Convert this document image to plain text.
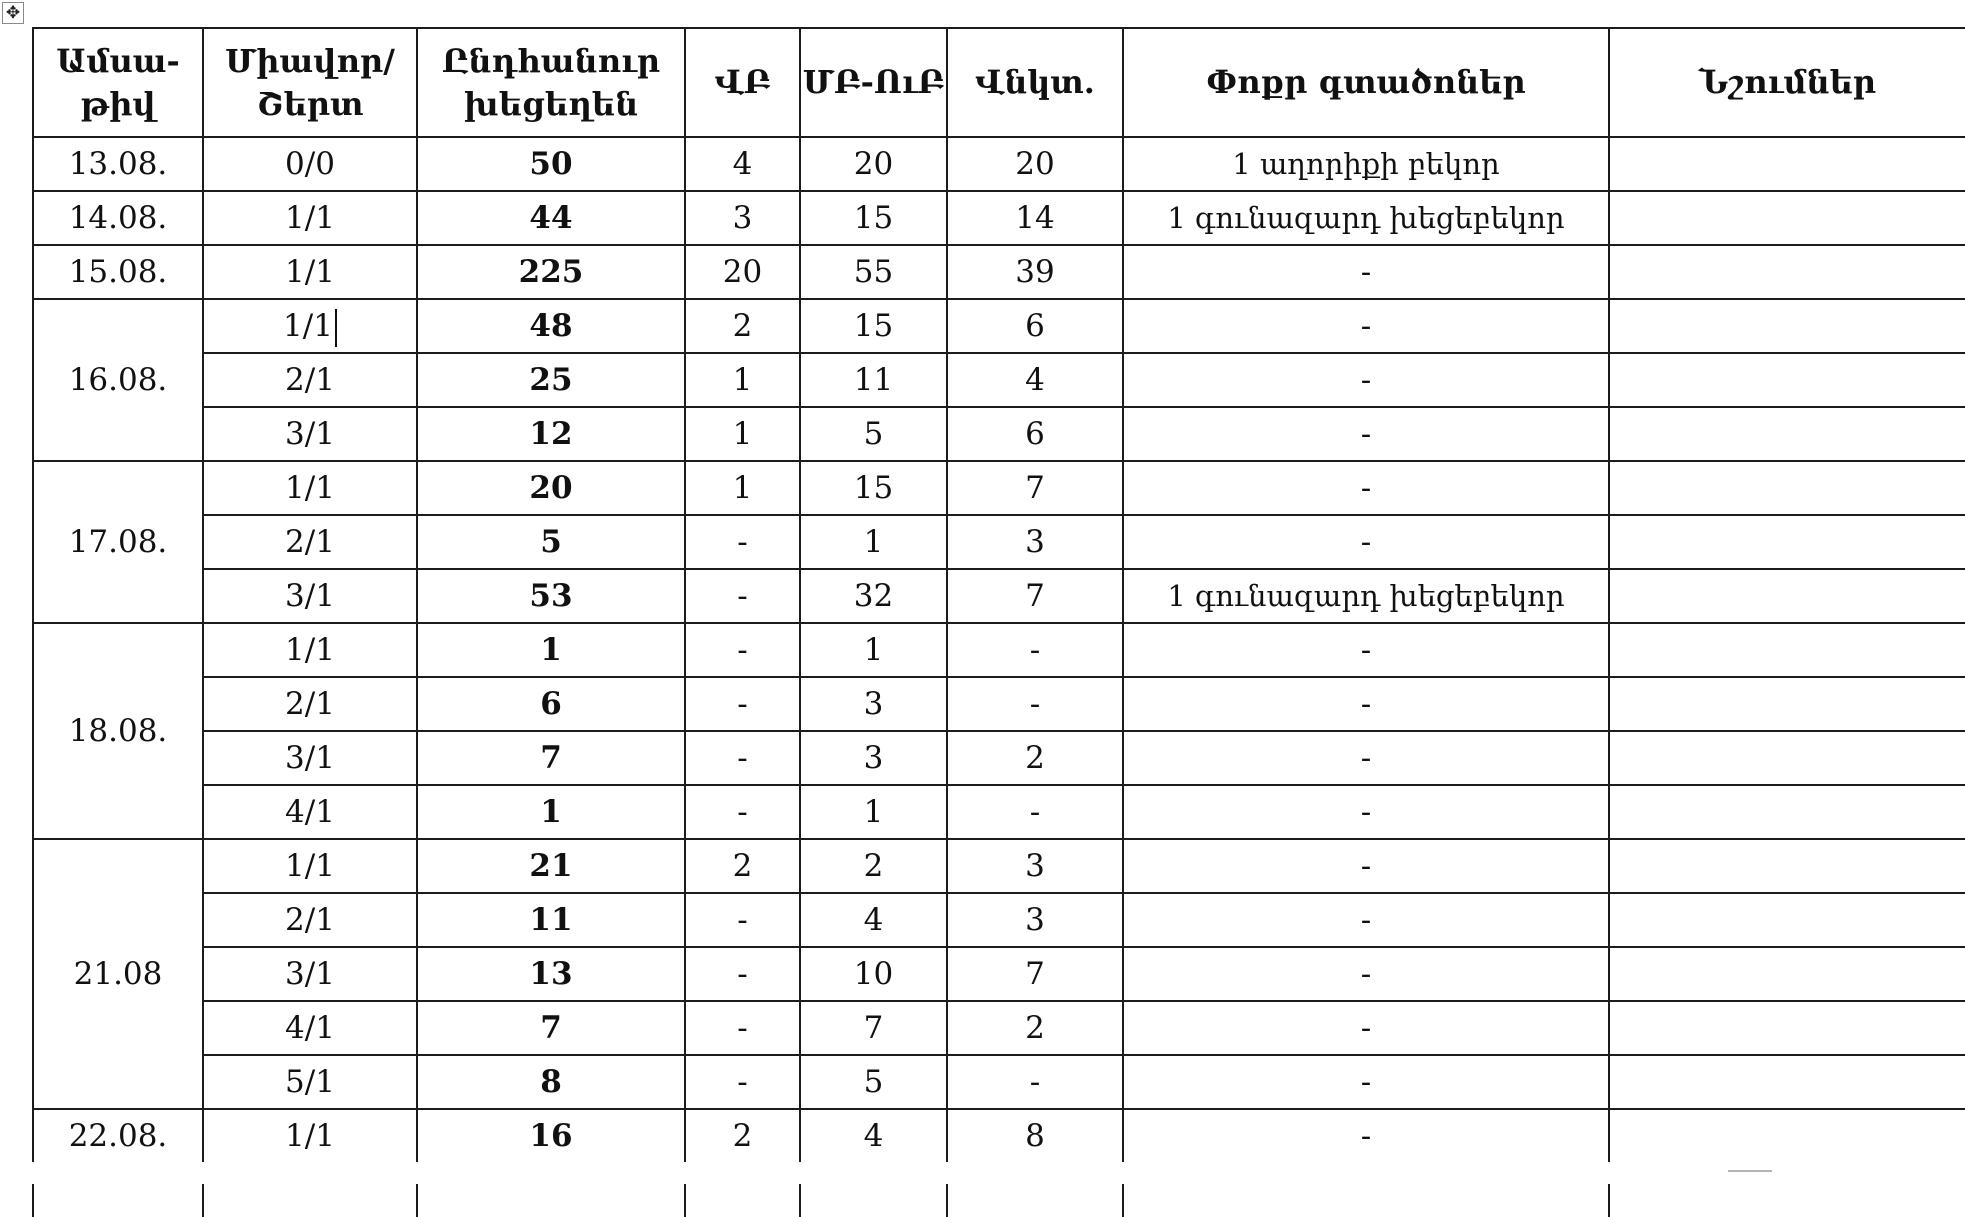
✥
Ամսա-թիվ	Միավոր/ Շերտ	Ընդհանուր խեցեղեն	ՎԲ	ՄԲ-ՈւԲ	Վնկտ.	Փոքր գտածոներ	Նշումներ
13.08.	0/0	50	4	20	20	1 աղորիքի բեկոր	
14.08.	1/1	44	3	15	14	1 գունազարդ խեցեբեկոր	
15.08.	1/1	225	20	55	39	-	
16.08.	1/1	48	2	15	6	-	
	2/1	25	1	11	4	-	
	3/1	12	1	5	6	-	
17.08.	1/1	20	1	15	7	-	
	2/1	5	-	1	3	-	
	3/1	53	-	32	7	1 գունազարդ խեցեբեկոր	
18.08.	1/1	1	-	1	-	-	
	2/1	6	-	3	-	-	
	3/1	7	-	3	2	-	
	4/1	1	-	1	-	-	
21.08	1/1	21	2	2	3	-	
	2/1	11	-	4	3	-	
	3/1	13	-	10	7	-	
	4/1	7	-	7	2	-	
	5/1	8	-	5	-	-	
22.08.	1/1	16	2	4	8	-	
